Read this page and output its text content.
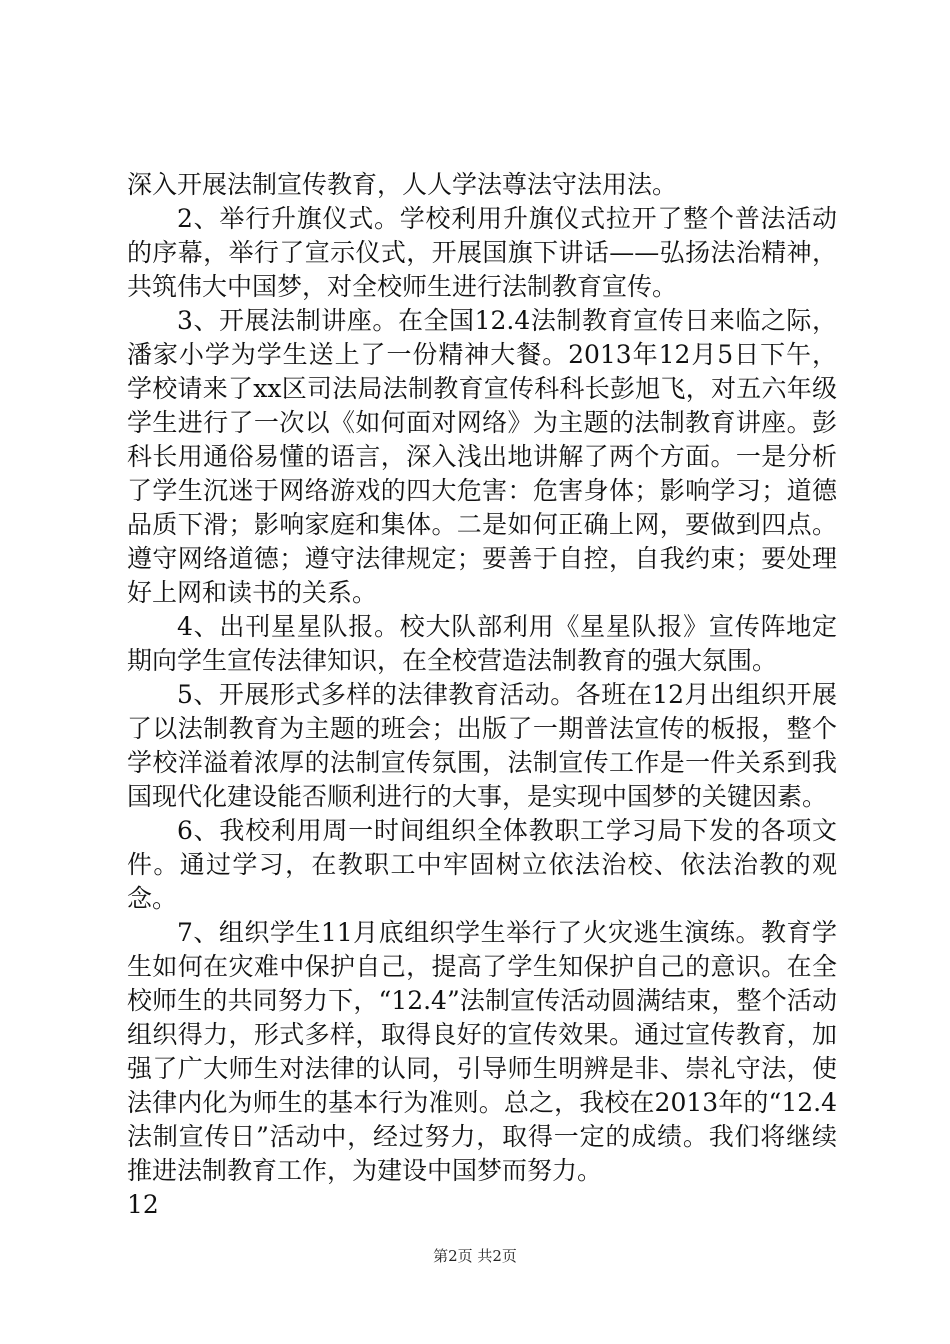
深入开展法制宣传教育，人人学法尊法守法用法。

2、举行升旗仪式。学校利用升旗仪式拉开了整个普法活动的序幕，举行了宣示仪式，开展国旗下讲话——弘扬法治精神，共筑伟大中国梦，对全校师生进行法制教育宣传。

3、开展法制讲座。在全国12.4法制教育宣传日来临之际，潘家小学为学生送上了一份精神大餐。2013年12月5日下午，学校请来了xx区司法局法制教育宣传科科长彭旭飞，对五六年级学生进行了一次以《如何面对网络》为主题的法制教育讲座。彭科长用通俗易懂的语言，深入浅出地讲解了两个方面。一是分析了学生沉迷于网络游戏的四大危害：危害身体；影响学习；道德品质下滑；影响家庭和集体。二是如何正确上网，要做到四点。遵守网络道德；遵守法律规定；要善于自控，自我约束；要处理好上网和读书的关系。

4、出刊星星队报。校大队部利用《星星队报》宣传阵地定期向学生宣传法律知识，在全校营造法制教育的强大氛围。

5、开展形式多样的法律教育活动。各班在12月出组织开展了以法制教育为主题的班会；出版了一期普法宣传的板报，整个学校洋溢着浓厚的法制宣传氛围，法制宣传工作是一件关系到我国现代化建设能否顺利进行的大事，是实现中国梦的关键因素。

6、我校利用周一时间组织全体教职工学习局下发的各项文件。通过学习，在教职工中牢固树立依法治校、依法治教的观念。

7、组织学生11月底组织学生举行了火灾逃生演练。教育学生如何在灾难中保护自己，提高了学生知保护自己的意识。在全校师生的共同努力下，“12.4”法制宣传活动圆满结束，整个活动组织得力，形式多样，取得良好的宣传效果。通过宣传教育，加强了广大师生对法律的认同，引导师生明辨是非、崇礼守法，使法律内化为师生的基本行为准则。总之，我校在2013年的“12.4法制宣传日”活动中，经过努力，取得一定的成绩。我们将继续推进法制教育工作，为建设中国梦而努力。

12

第2页 共2页
